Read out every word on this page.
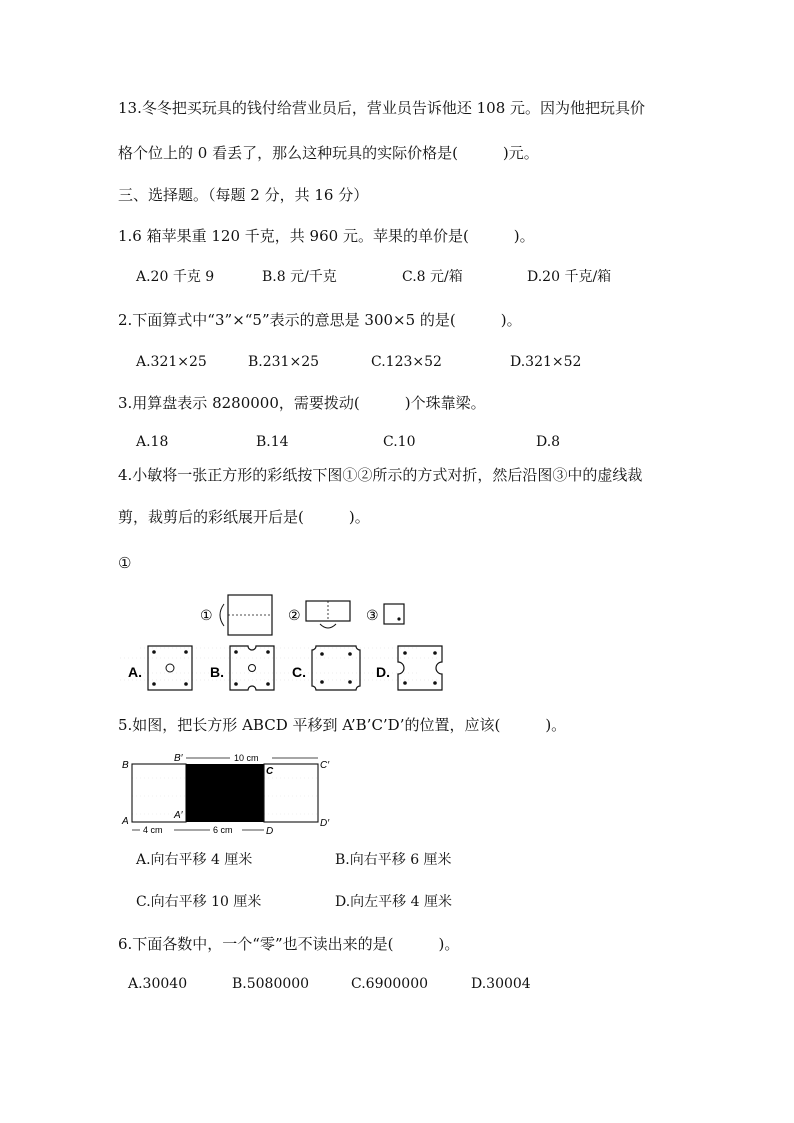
13.冬冬把买玩具的钱付给营业员后，营业员告诉他还 108 元。因为他把玩具价
格个位上的 0 看丢了，那么这种玩具的实际价格是(　　　)元。
三、选择题。（每题 2 分，共 16 分）
1.6 箱苹果重 120 千克，共 960 元。苹果的单价是(　　　)。
A.20 千克 9	B.8 元/千克	C.8 元/箱	D.20 千克/箱
2.下面算式中“3”×“5”表示的意思是 300×5 的是(　　　)。
A.321×25	B.231×25	C.123×52	D.321×52
3.用算盘表示 8280000，需要拨动(　　　)个珠靠梁。
A.18	B.14	C.10	D.8
4.小敏将一张正方形的彩纸按下图①②所示的方式对折，然后沿图③中的虚线裁
剪，裁剪后的彩纸展开后是(　　　)。
①
①	②	③
A.	B.	C.	D.
5.如图，把长方形 ABCD 平移到 A’B’C’D’的位置，应该(　　　)。
10 cm
4 cm	6 cm
B
B′
C
C′
A
A′
D
D′
A.向右平移 4 厘米	B.向右平移 6 厘米
C.向右平移 10 厘米	D.向左平移 4 厘米
6.下面各数中，一个“零”也不读出来的是(　　　)。
A.30040	B.5080000	C.6900000	D.30004
